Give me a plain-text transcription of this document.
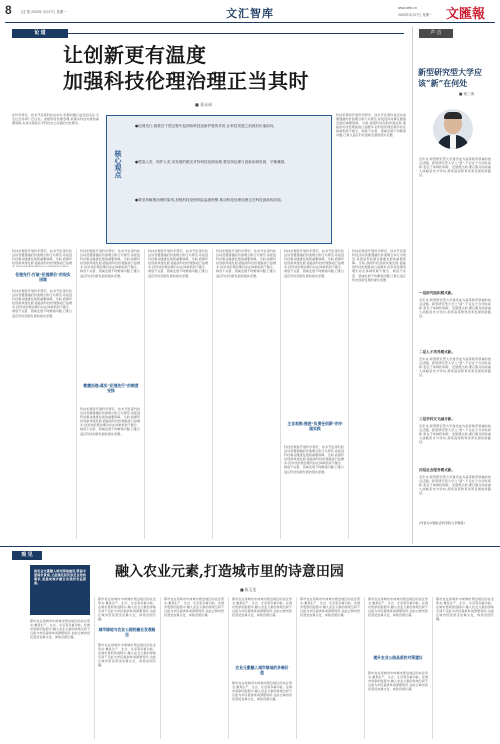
8 文汇报 2023年 3月27日 星期一	文汇智库	www.whb.cn
2023年3月27日 星期一 文匯報
论 道
让创新更有温度
加强科技伦理治理正当其时
■ 张永成
在科学研究、技术开发等科技活动中,伦理问题日益受到关注,引发社会各界广泛讨论。加强科技伦理治理,是推动科技向善的重要保障,也是实现高水平科技自立自强的内在要求。
核心观点
●伦理先行,就要在干预过程中起到给科技创新护航的作用,让科技发展之前就有价值取向。
●塑造人类、保护人类,用发展的眼光对待科技伦理治理,要坚持伦理与创新协调发展、平衡兼顾。
●要坚持敏捷治理的原则,加强科技伦理风险监测预警,推动科技伦理治理走在科技创新的前面。
科技伦理是开展科学研究、技术开发等科技活动需要遵循的价值理念和行为规范,是促进科技事业健康发展的重要保障。当前,我国科技创新快速发展,面临的科技伦理挑战日益增多,但科技伦理治理仍存在体制机制不健全、制度不完善、领域发展不均衡等问题,已难以适应科技创新发展的现实需要。
科技伦理是开展科学研究、技术开发等科技活动需要遵循的价值理念和行为规范,是促进科技事业健康发展的重要保障。当前,我国科技创新快速发展,面临的科技伦理挑战日益增
伦理先行:打破“伦理滞后”的现实困境
科技伦理是开展科学研究、技术开发等科技活动需要遵循的价值理念和行为规范,是促进科技事业健康发展的重要保障。当前,我国科技创新快速发展,面临的科技伦理挑战日益增多,但科技伦理治理仍存在体制机制不健全、制度不完善、领域发展不均衡等问题,已难以适应科技创新发展的现实需要。
科技伦理是开展科学研究、技术开发等科技活动需要遵循的价值理念和行为规范,是促进科技事业健康发展的重要保障。当前,我国科技创新快速发展,面临的科技伦理挑战日益增多,但科技伦理治理仍存在体制机制不健全、制度不完善、领域发展不均衡等问题,已难以适应科技创新发展的现实需要。
敏捷治理:落实“伦理先行”的制度安排
科技伦理是开展科学研究、技术开发等科技活动需要遵循的价值理念和行为规范,是促进科技事业健康发展的重要保障。当前,我国科技创新快速发展,面临的科技伦理挑战日益增多,但科技伦理治理仍存在体制机制不健全、制度不完善、领域发展不均衡等问题,已难以适应科技创新发展的现实需要。
科技伦理是开展科学研究、技术开发等科技活动需要遵循的价值理念和行为规范,是促进科技事业健康发展的重要保障。当前,我国科技创新快速发展,面临的科技伦理挑战日益增多,但科技伦理治理仍存在体制机制不健全、制度不完善、领域发展不均衡等问题,已难以适应科技创新发展的现实需要。
科技伦理是开展科学研究、技术开发等科技活动需要遵循的价值理念和行为规范,是促进科技事业健康发展的重要保障。当前,我国科技创新快速发展,面临的科技伦理挑战日益增多,但科技伦理治理仍存在体制机制不健全、制度不完善、领域发展不均衡等问题,已难以适应科技创新发展的现实需要。
科技伦理是开展科学研究、技术开发等科技活动需要遵循的价值理念和行为规范,是促进科技事业健康发展的重要保障。当前,我国科技创新快速发展,面临的科技伦理挑战日益增多,但科技伦理治理仍存在体制机制不健全、制度不完善、领域发展不均衡等问题,已难以适应科技创新发展的现实需要。
主旨观照:推进“负责任创新”的中国实践
科技伦理是开展科学研究、技术开发等科技活动需要遵循的价值理念和行为规范,是促进科技事业健康发展的重要保障。当前,我国科技创新快速发展,面临的科技伦理挑战日益增多,但科技伦理治理仍存在体制机制不健全、制度不完善、领域发展不均衡等问题,已难以适应科技创新发展的现实需要。
科技伦理是开展科学研究、技术开发等科技活动需要遵循的价值理念和行为规范,是促进科技事业健康发展的重要保障。当前,我国科技创新快速发展,面临的科技伦理挑战日益增多,但科技伦理治理仍存在体制机制不健全、制度不完善、领域发展不均衡等问题,已难以适应科技创新发展的现实需要。
声 音
新型研究型大学应该“新”在何处
■ 蒋三庚
近年来,新型研究型大学建设成为高等教育领域的热点话题。新型研究型大学之“新”,不仅在于办学时间新,更在于体制机制新、发展理念新,要以服务国家重大战略需求为导向,探索高等教育改革发展的新路径。
一是研究组织模式新。
近年来,新型研究型大学建设成为高等教育领域的热点话题。新型研究型大学之“新”,不仅在于办学时间新,更在于体制机制新、发展理念新,要以服务国家重大战略需求为导向,探索高等教育改革发展的新路径。
二是人才培养模式新。
近年来,新型研究型大学建设成为高等教育领域的热点话题。新型研究型大学之“新”,不仅在于办学时间新,更在于体制机制新、发展理念新,要以服务国家重大战略需求为导向,探索高等教育改革发展的新路径。
三是学科交叉融合新。
近年来,新型研究型大学建设成为高等教育领域的热点话题。新型研究型大学之“新”,不仅在于办学时间新,更在于体制机制新、发展理念新,要以服务国家重大战略需求为导向,探索高等教育改革发展的新路径。
四是社会服务模式新。
近年来,新型研究型大学建设成为高等教育领域的热点话题。新型研究型大学之“新”,不仅在于办学时间新,更在于体制机制新、发展理念新,要以服务国家重大战略需求为导向,探索高等教育改革发展的新路径。
(作者为中国社会科学院大学教授)
观 见
将农业元素融入城市绿地建设,既能丰富城市景观,又能满足居民亲近自然的需求,是推动城乡融合发展的有益探索。
融入农业元素,打造城市里的诗意田园
■ 陈玉龙
都市农业是城市中或城市周边地区的农业形态,兼具生产、生态、生活等多重功能。在城市更新的进程中,融入农业元素的绿地空间不仅能为市民提供休闲游憩场所,也能让城市居民感受农耕文化、体验田园乐趣。
都市农业是城市中或城市周边地区的农业形态,兼具生产、生态、生活等多重功能。在城市更新的进程中,融入农业元素的绿地空间不仅能为市民提供休闲游憩场所,也能让城市居民感受农耕文化、体验田园乐趣。
城市绿地与农业公园的融合发展路径
都市农业是城市中或城市周边地区的农业形态,兼具生产、生态、生活等多重功能。在城市更新的进程中,融入农业元素的绿地空间不仅能为市民提供休闲游憩场所,也能让城市居民感受农耕文化、体验田园乐趣。
都市农业是城市中或城市周边地区的农业形态,兼具生产、生态、生活等多重功能。在城市更新的进程中,融入农业元素的绿地空间不仅能为市民提供休闲游憩场所,也能让城市居民感受农耕文化、体验田园乐趣。
都市农业是城市中或城市周边地区的农业形态,兼具生产、生态、生活等多重功能。在城市更新的进程中,融入农业元素的绿地空间不仅能为市民提供休闲游憩场所,也能让城市居民感受农耕文化、体验田园乐趣。
农业元素融入城市绿地的多维价值
都市农业是城市中或城市周边地区的农业形态,兼具生产、生态、生活等多重功能。在城市更新的进程中,融入农业元素的绿地空间不仅能为市民提供休闲游憩场所,也能让城市居民感受农耕文化、体验田园乐趣。
都市农业是城市中或城市周边地区的农业形态,兼具生产、生态、生活等多重功能。在城市更新的进程中,融入农业元素的绿地空间不仅能为市民提供休闲游憩场所,也能让城市居民感受农耕文化、体验田园乐趣。
都市农业是城市中或城市周边地区的农业形态,兼具生产、生态、生活等多重功能。在城市更新的进程中,融入农业元素的绿地空间不仅能为市民提供休闲游憩场所,也能让城市居民感受农耕文化、体验田园乐趣。
提升农业公园品质的对策建议
都市农业是城市中或城市周边地区的农业形态,兼具生产、生态、生活等多重功能。在城市更新的进程中,融入农业元素的绿地空间不仅能为市民提供休闲游憩场所,也能让城市居民感受农耕文化、体验田园乐趣。
都市农业是城市中或城市周边地区的农业形态,兼具生产、生态、生活等多重功能。在城市更新的进程中,融入农业元素的绿地空间不仅能为市民提供休闲游憩场所,也能让城市居民感受农耕文化、体验田园乐趣。
